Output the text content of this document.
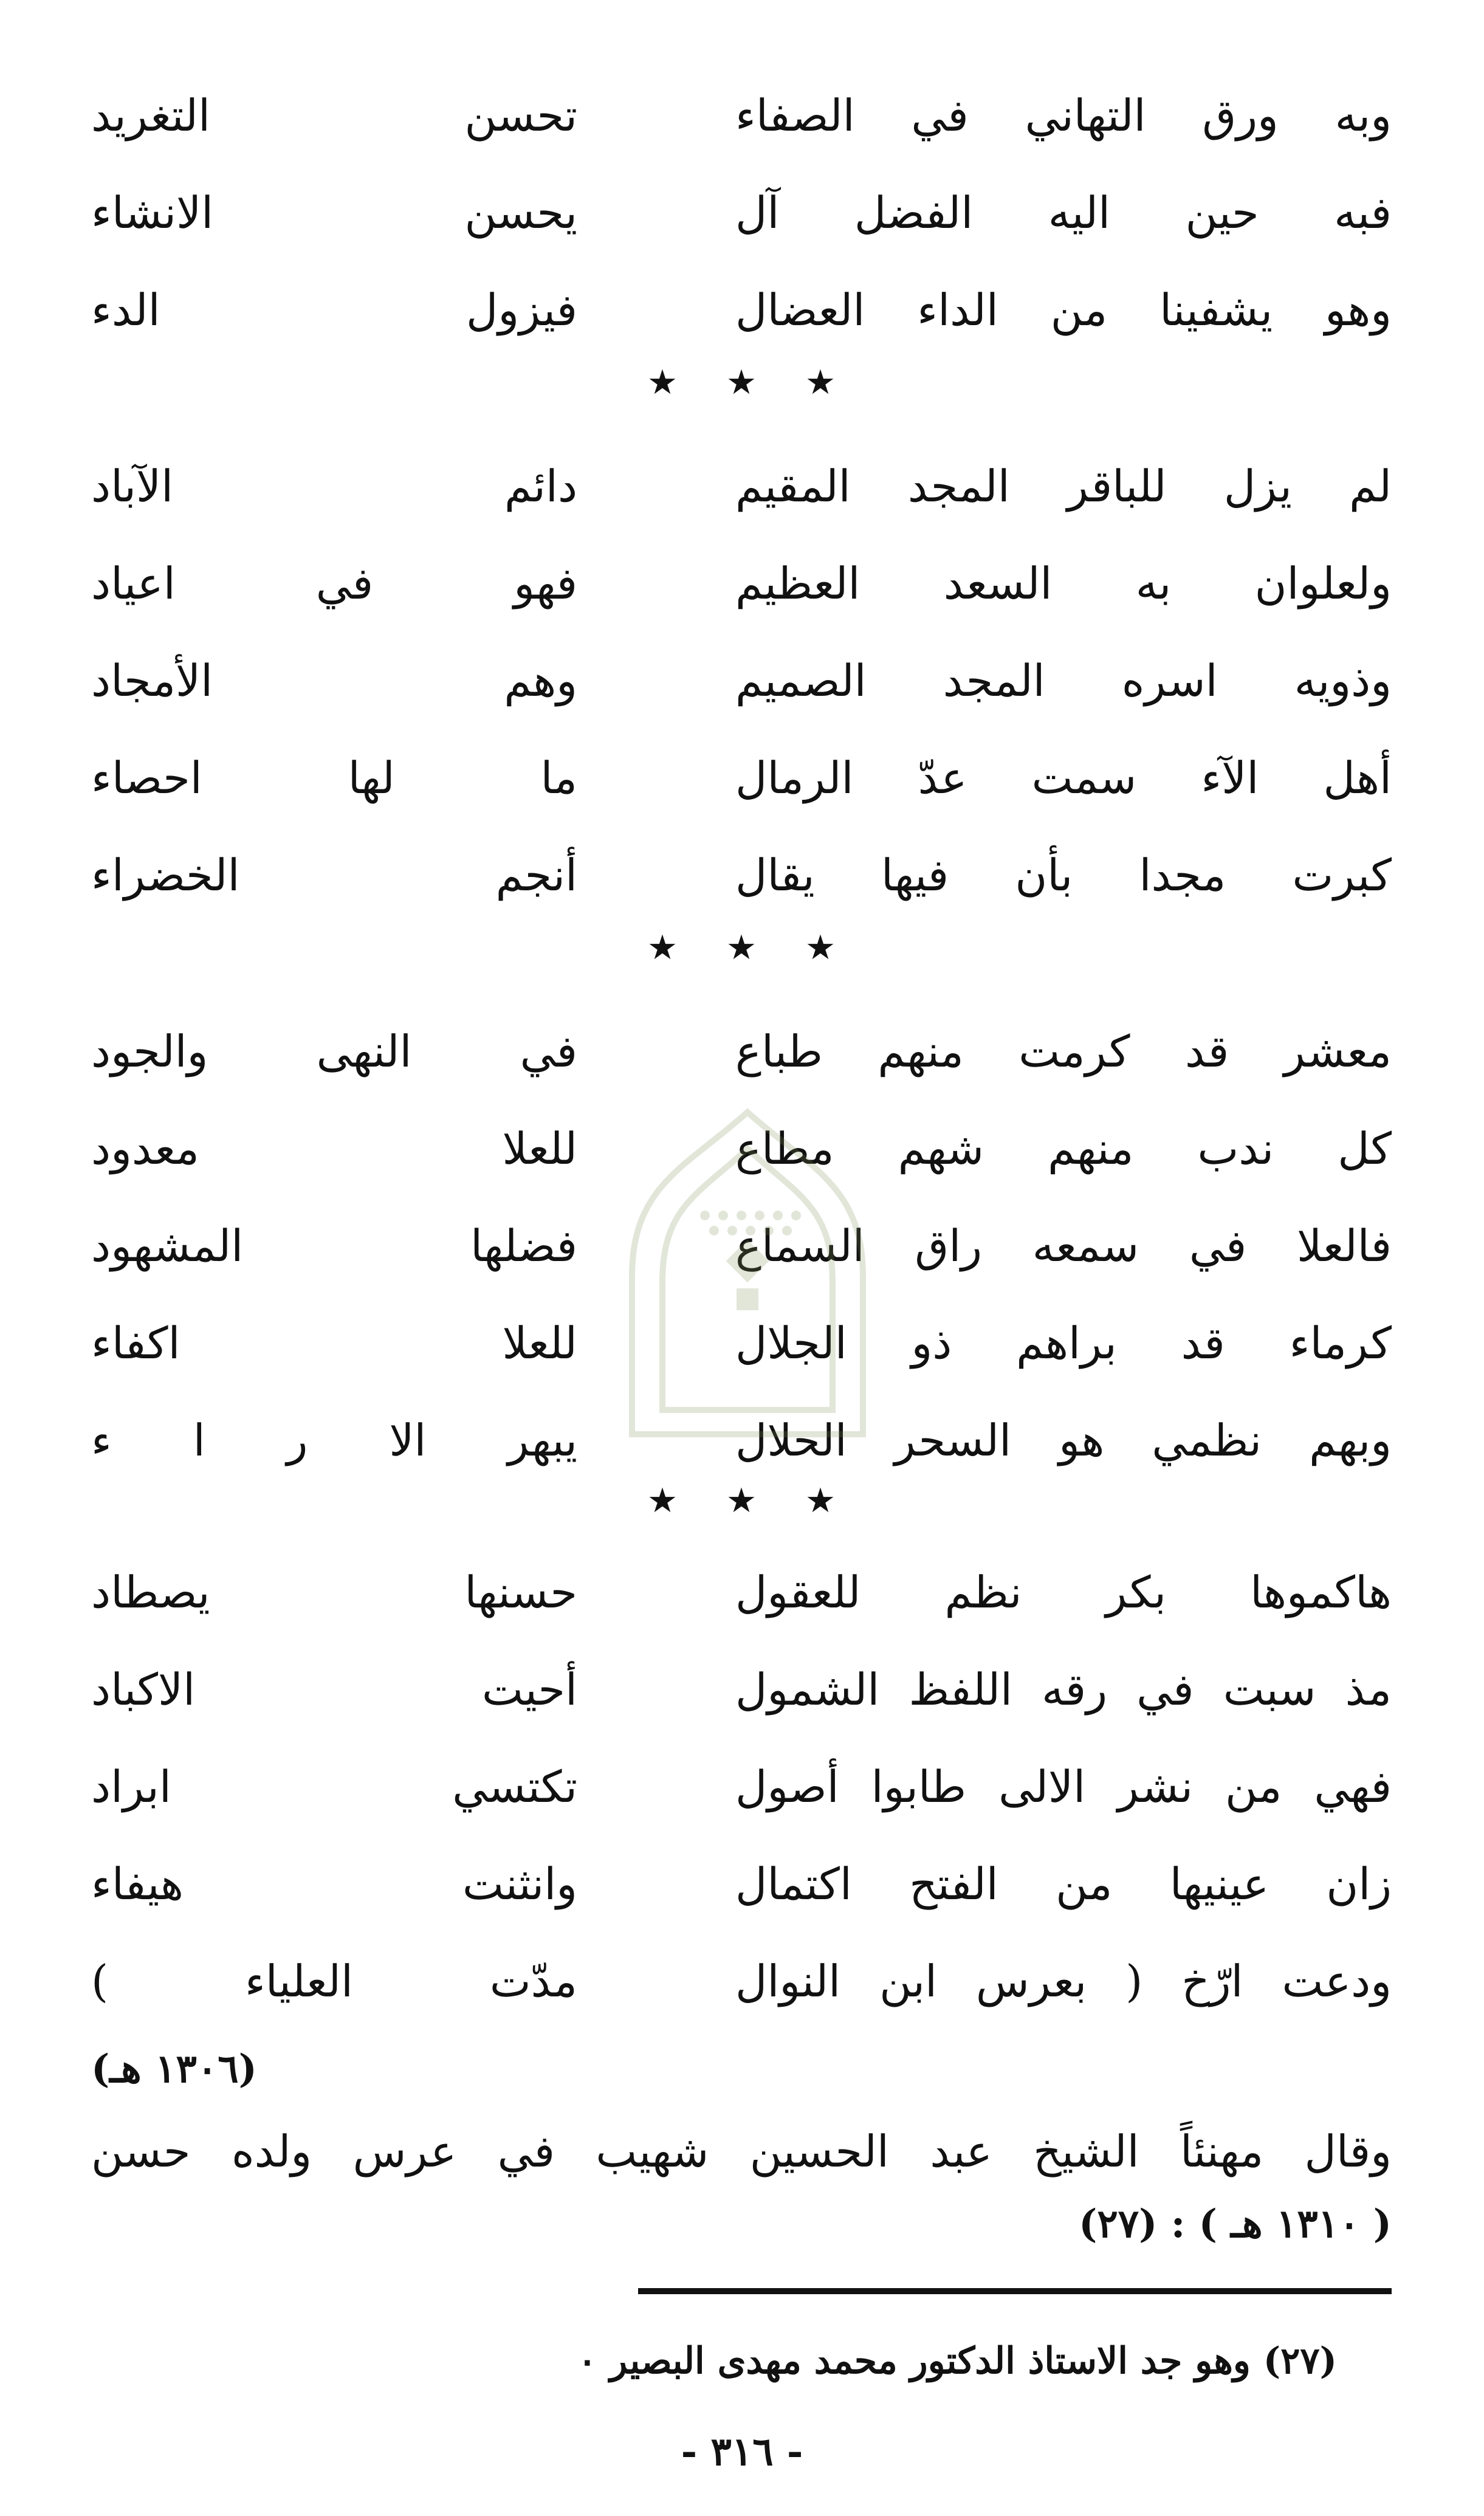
وبه ورق التهاني في الصفاء
تحسن التغريد
فبه حين اليه الفضل آل
يحسن الانشاء
وهو يشفينا من الداء العضال
فيزول الدء
★ ★ ★
لم يزل للباقر المجد المقيم
دائم الآباد
ولعلوان به السعد العظيم
فهو في اعياد
وذويه اسره المجد الصميم
وهم الأمجاد
أهل الآء سمت عدّ الرمال
ما لها احصاء
كبرت مجدا بأن فيها يقال
أنجم الخضراء
★ ★ ★
معشر قد كرمت منهم طباع
في النهى والجود
كل ندب منهم شهم مطاع
للعلا معدود
فالعلا في سمعه راق السماع
فضلها المشهود
كرماء قد براهم ذو الجلال
للعلا اكفاء
وبهم نظمي هو السحر الحلال
يبهر الا ر ا ء
★ ★ ★
هاكموها بكر نظم للعقول
حسنها يصطاد
مذ سبت في رقه اللفظ الشمول
أحيت الاكباد
فهي من نشر الالى طابوا أصول
تكتسي ابراد
زان عينيها من الفتح اكتمال
وانثنت هيفاء
ودعت ارّخ ( بعرس ابن النوال
مدّت العلياء )
(١٣٠٦ هـ)
وقال مهنئاً الشيخ عبد الحسين شهيب في عرس ولده حسن
( ١٣١٠ هـ ) : (٢٧)
(٢٧) وهو جد الاستاذ الدكتور محمد مهدى البصير ٠
- ٣١٦ -
